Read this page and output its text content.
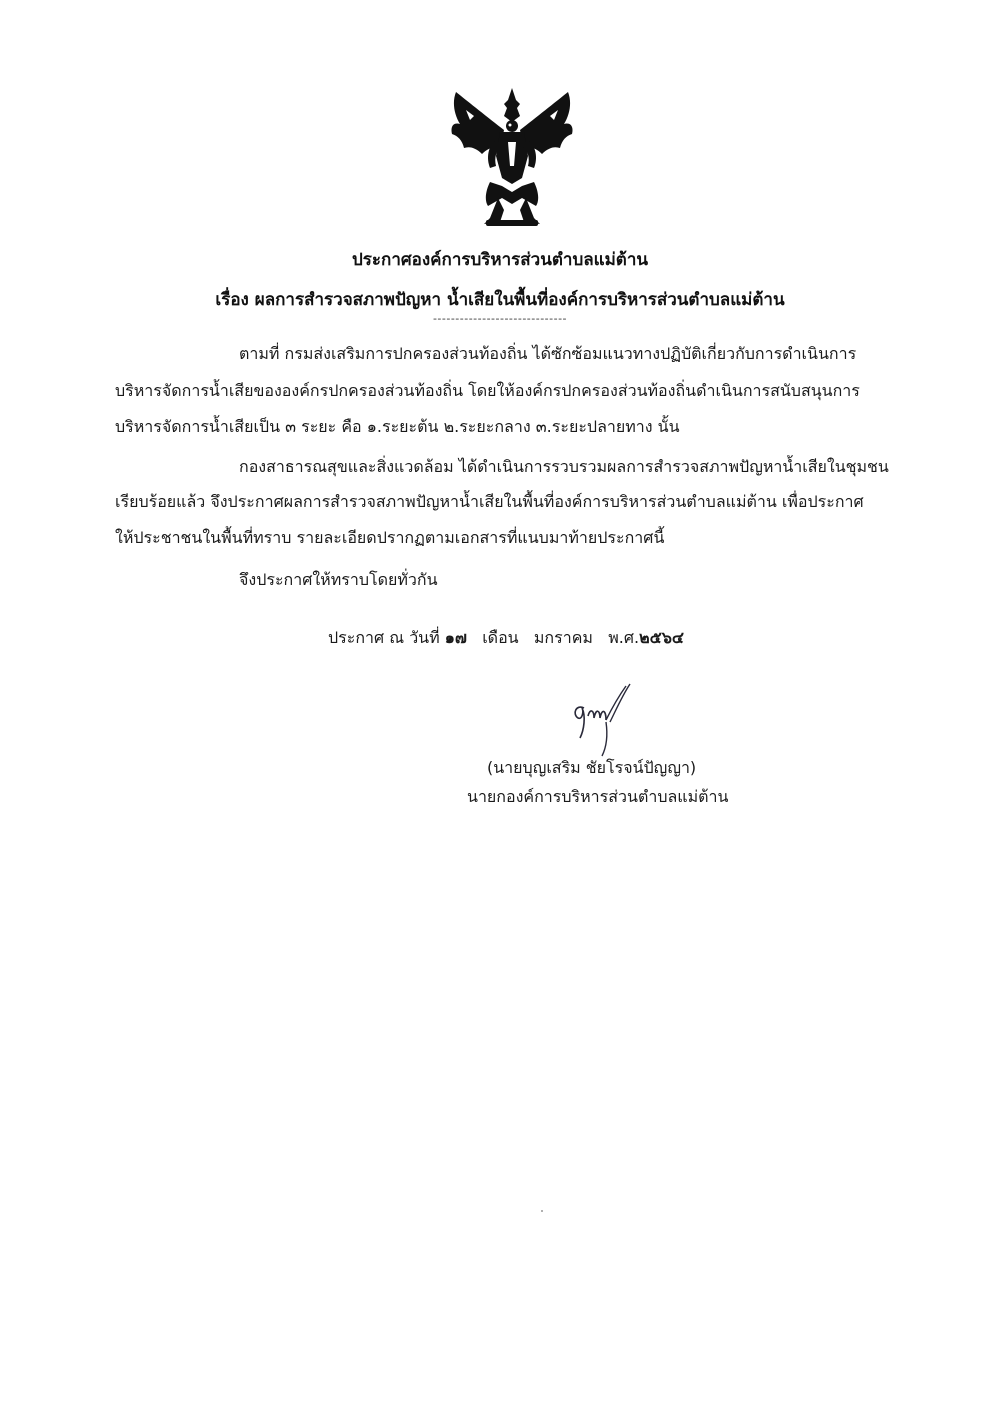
ประกาศองค์การบริหารส่วนตำบลแม่ต้าน
เรื่อง ผลการสำรวจสภาพปัญหา น้ำเสียในพื้นที่องค์การบริหารส่วนตำบลแม่ต้าน
------------------------------
ตามที่ กรมส่งเสริมการปกครองส่วนท้องถิ่น ได้ซักซ้อมแนวทางปฏิบัติเกี่ยวกับการดำเนินการ
บริหารจัดการน้ำเสียขององค์กรปกครองส่วนท้องถิ่น โดยให้องค์กรปกครองส่วนท้องถิ่นดำเนินการสนับสนุนการ
บริหารจัดการน้ำเสียเป็น ๓ ระยะ คือ ๑.ระยะต้น ๒.ระยะกลาง ๓.ระยะปลายทาง นั้น
กองสาธารณสุขและสิ่งแวดล้อม ได้ดำเนินการรวบรวมผลการสำรวจสภาพปัญหาน้ำเสียในชุมชน
เรียบร้อยแล้ว จึงประกาศผลการสำรวจสภาพปัญหาน้ำเสียในพื้นที่องค์การบริหารส่วนตำบลแม่ต้าน เพื่อประกาศ
ให้ประชาชนในพื้นที่ทราบ รายละเอียดปรากฏตามเอกสารที่แนบมาท้ายประกาศนี้
จึงประกาศให้ทราบโดยทั่วกัน
ประกาศ ณ วันที่ ๑๗ เดือน มกราคม พ.ศ.๒๕๖๔
(นายบุญเสริม ชัยโรจน์ปัญญา)
นายกองค์การบริหารส่วนตำบลแม่ต้าน
